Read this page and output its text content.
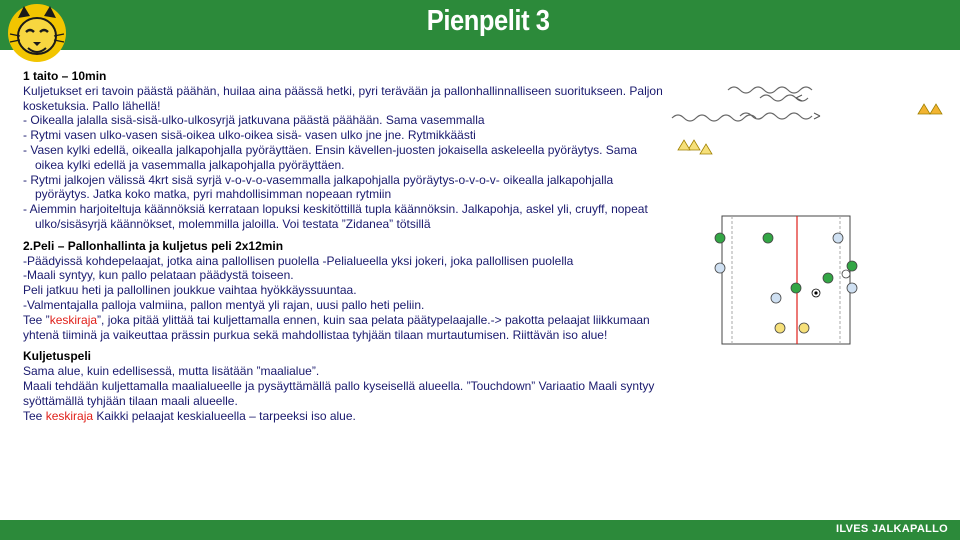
Pienpelit 3

1 taito – 10min

Kuljetukset eri tavoin päästä päähän, huilaa aina päässä hetki, pyri terävään ja pallonhallinnalliseen suoritukseen. Paljon kosketuksia. Pallo lähellä!

- Oikealla jalalla sisä-sisä-ulko-ulkosyrjä jatkuvana päästä päähään. Sama vasemmalla

- Rytmi vasen ulko-vasen sisä-oikea ulko-oikea sisä- vasen ulko jne jne. Rytmikkäästi

- Vasen kylki edellä, oikealla jalkapohjalla pyöräyttäen. Ensin kävellen-juosten jokaisella askeleella pyöräytys. Sama oikea kylki edellä ja vasemmalla jalkapohjalla pyöräyttäen.

- Rytmi jalkojen välissä 4krt sisä syrjä v-o-v-o-vasemmalla jalkapohjalla pyöräytys-o-v-o-v- oikealla jalkapohjalla pyöräytys. Jatka koko matka, pyri mahdollisimman nopeaan rytmiin

- Aiemmin harjoiteltuja käännöksiä kerrataan lopuksi keskitöttillä tupla käännöksin. Jalkapohja, askel yli, cruyff, nopeat ulko/sisäsyrjä käännökset, molemmilla jaloilla. Voi testata ”Zidanea” tötsillä

2.Peli – Pallonhallinta ja kuljetus peli 2x12min

-Päädyissä kohdepelaajat, jotka aina pallollisen puolella -Pelialueella yksi jokeri, joka pallollisen puolella

-Maali syntyy, kun pallo pelataan päädystä toiseen.

Peli jatkuu heti ja pallollinen joukkue vaihtaa hyökkäyssuuntaa.

-Valmentajalla palloja valmiina, pallon mentyä yli rajan, uusi pallo heti peliin.

Tee ”keskiraja”, joka pitää ylittää tai kuljettamalla ennen, kuin saa pelata päätypelaajalle.-> pakotta pelaajat liikkumaan yhtenä tiiminä ja vaikeuttaa prässin purkua sekä mahdollistaa tyhjään tilaan murtautumisen. Riittävän iso alue!

Kuljetuspeli

Sama alue, kuin edellisessä, mutta lisätään ”maalialue”.

Maali tehdään kuljettamalla maalialueelle ja pysäyttämällä pallo kyseisellä alueella. ”Touchdown” Variaatio Maali syntyy syöttämällä tyhjään tilaan maali alueelle.

Tee keskiraja Kaikki pelaajat keskialueella – tarpeeksi iso alue.

ILVES JALKAPALLO
